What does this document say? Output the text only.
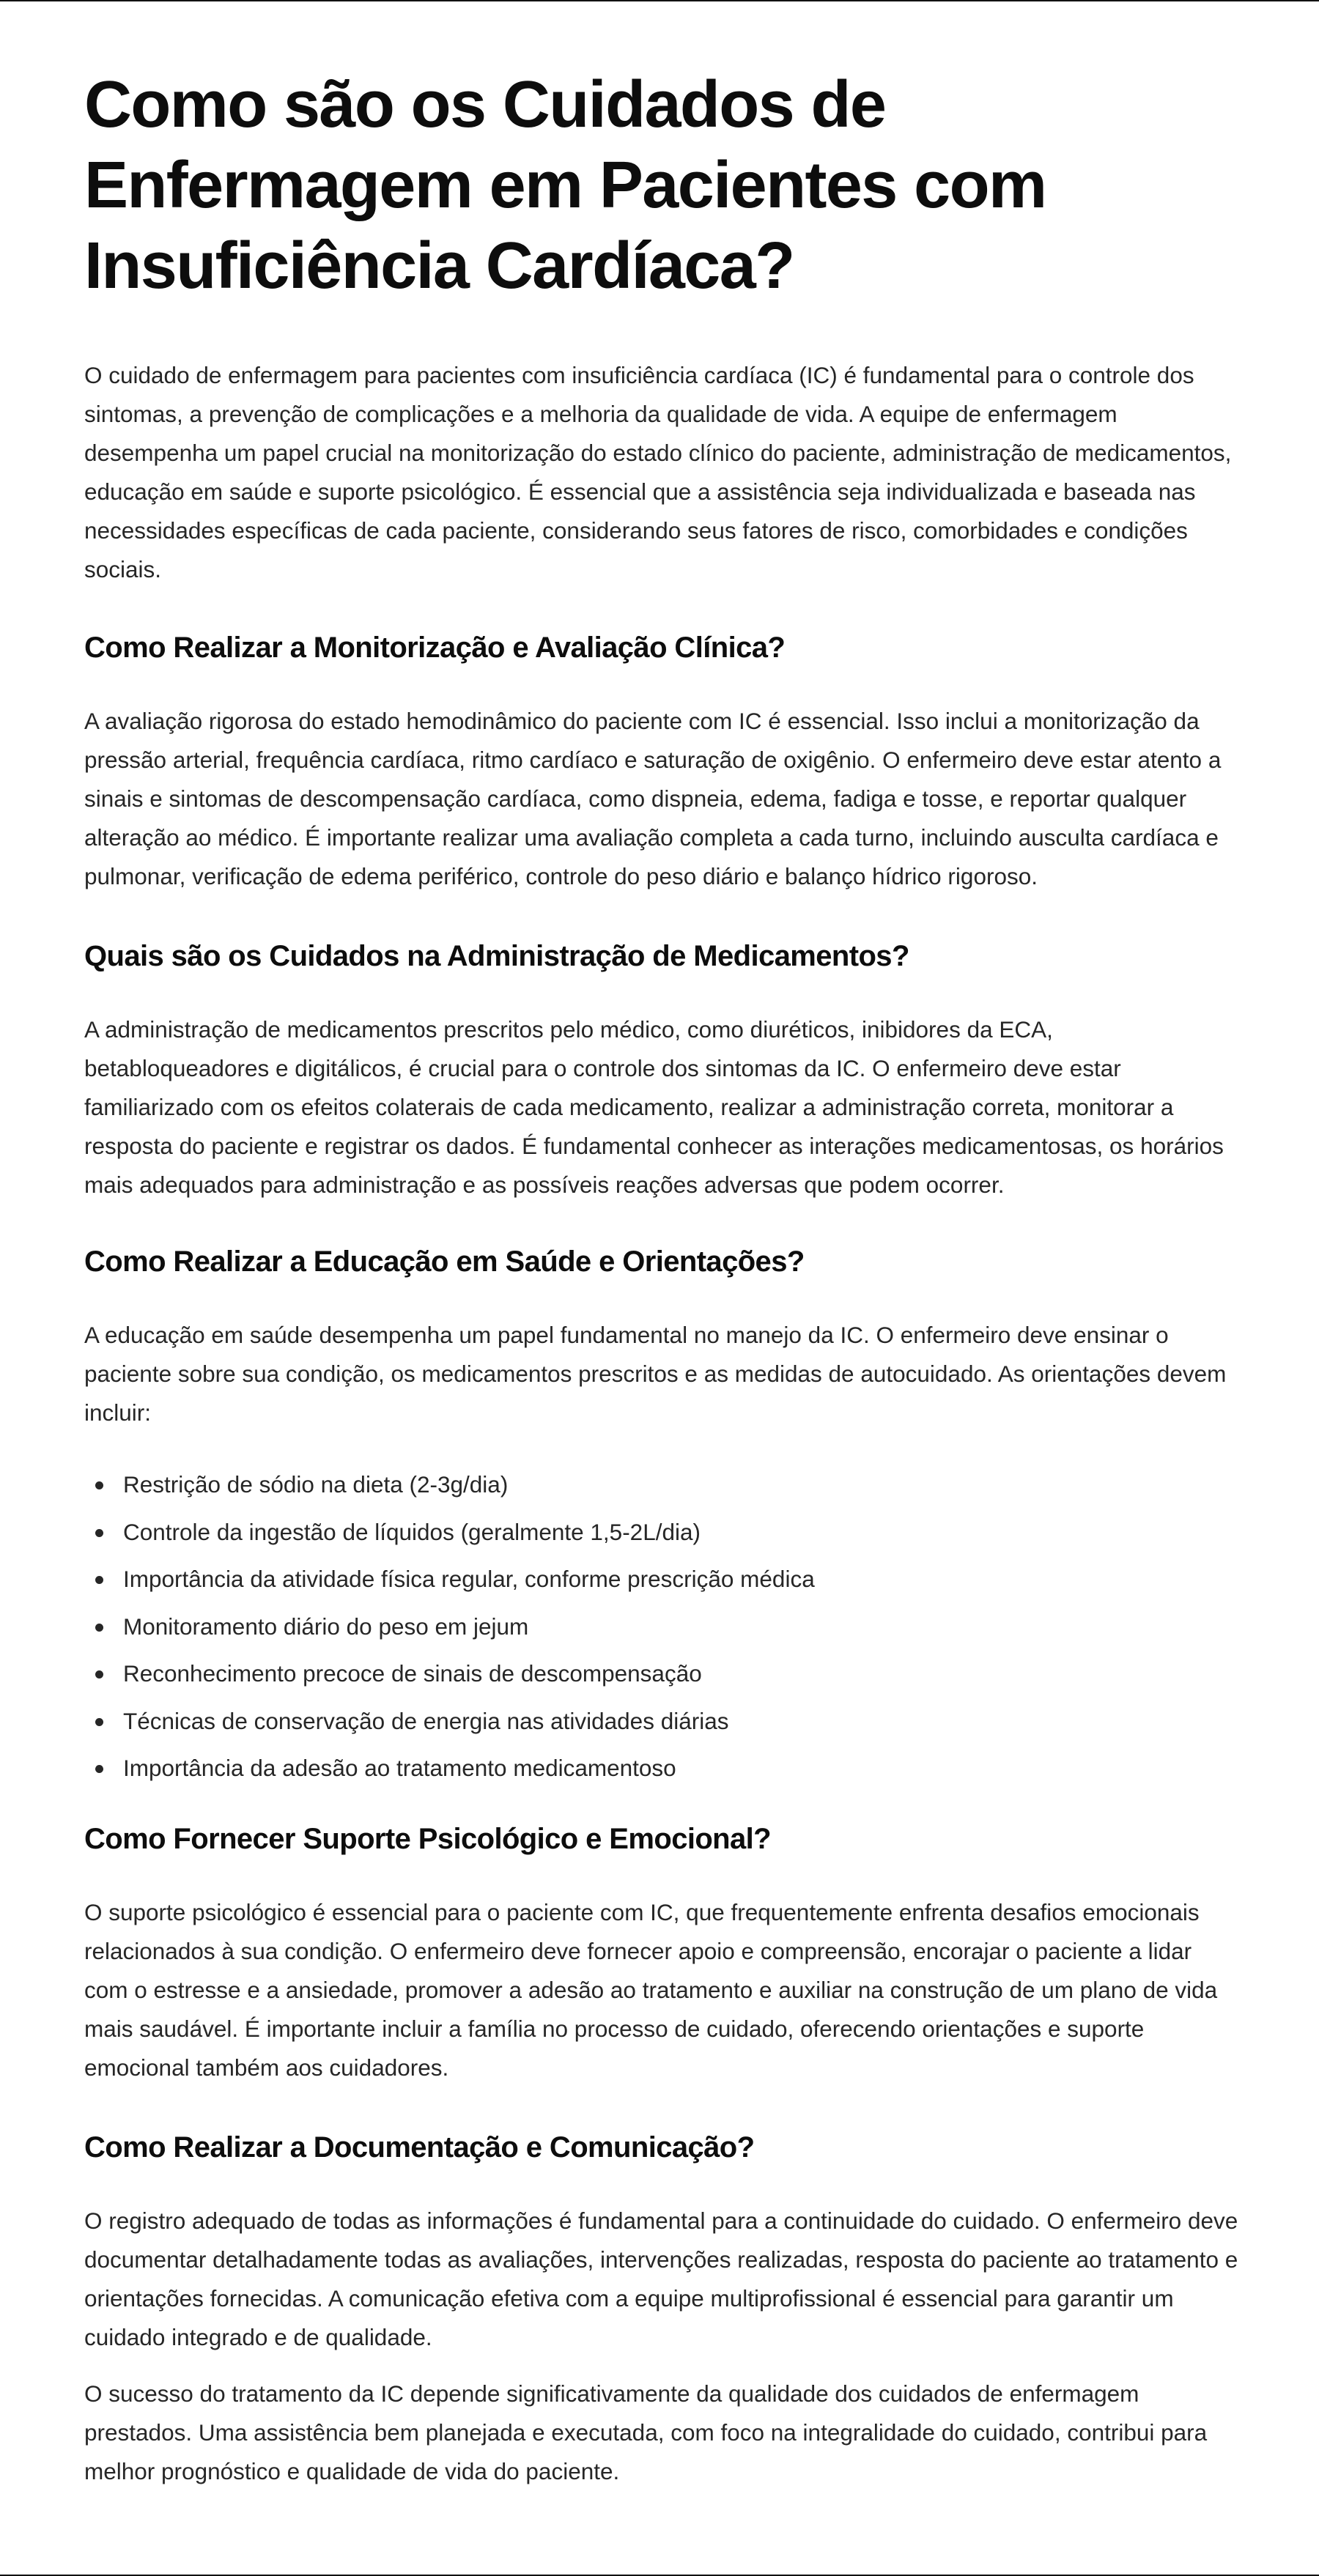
Como são os Cuidados de Enfermagem em Pacientes com Insuficiência Cardíaca?

O cuidado de enfermagem para pacientes com insuficiência cardíaca (IC) é fundamental para o controle dos sintomas, a prevenção de complicações e a melhoria da qualidade de vida. A equipe de enfermagem desempenha um papel crucial na monitorização do estado clínico do paciente, administração de medicamentos, educação em saúde e suporte psicológico. É essencial que a assistência seja individualizada e baseada nas necessidades específicas de cada paciente, considerando seus fatores de risco, comorbidades e condições sociais.

Como Realizar a Monitorização e Avaliação Clínica?

A avaliação rigorosa do estado hemodinâmico do paciente com IC é essencial. Isso inclui a monitorização da pressão arterial, frequência cardíaca, ritmo cardíaco e saturação de oxigênio. O enfermeiro deve estar atento a sinais e sintomas de descompensação cardíaca, como dispneia, edema, fadiga e tosse, e reportar qualquer alteração ao médico. É importante realizar uma avaliação completa a cada turno, incluindo ausculta cardíaca e pulmonar, verificação de edema periférico, controle do peso diário e balanço hídrico rigoroso.

Quais são os Cuidados na Administração de Medicamentos?

A administração de medicamentos prescritos pelo médico, como diuréticos, inibidores da ECA, betabloqueadores e digitálicos, é crucial para o controle dos sintomas da IC. O enfermeiro deve estar familiarizado com os efeitos colaterais de cada medicamento, realizar a administração correta, monitorar a resposta do paciente e registrar os dados. É fundamental conhecer as interações medicamentosas, os horários mais adequados para administração e as possíveis reações adversas que podem ocorrer.

Como Realizar a Educação em Saúde e Orientações?

A educação em saúde desempenha um papel fundamental no manejo da IC. O enfermeiro deve ensinar o paciente sobre sua condição, os medicamentos prescritos e as medidas de autocuidado. As orientações devem incluir:

Restrição de sódio na dieta (2-3g/dia)
Controle da ingestão de líquidos (geralmente 1,5-2L/dia)
Importância da atividade física regular, conforme prescrição médica
Monitoramento diário do peso em jejum
Reconhecimento precoce de sinais de descompensação
Técnicas de conservação de energia nas atividades diárias
Importância da adesão ao tratamento medicamentoso
Como Fornecer Suporte Psicológico e Emocional?

O suporte psicológico é essencial para o paciente com IC, que frequentemente enfrenta desafios emocionais relacionados à sua condição. O enfermeiro deve fornecer apoio e compreensão, encorajar o paciente a lidar com o estresse e a ansiedade, promover a adesão ao tratamento e auxiliar na construção de um plano de vida mais saudável. É importante incluir a família no processo de cuidado, oferecendo orientações e suporte emocional também aos cuidadores.

Como Realizar a Documentação e Comunicação?

O registro adequado de todas as informações é fundamental para a continuidade do cuidado. O enfermeiro deve documentar detalhadamente todas as avaliações, intervenções realizadas, resposta do paciente ao tratamento e orientações fornecidas. A comunicação efetiva com a equipe multiprofissional é essencial para garantir um cuidado integrado e de qualidade.

O sucesso do tratamento da IC depende significativamente da qualidade dos cuidados de enfermagem prestados. Uma assistência bem planejada e executada, com foco na integralidade do cuidado, contribui para melhor prognóstico e qualidade de vida do paciente.
